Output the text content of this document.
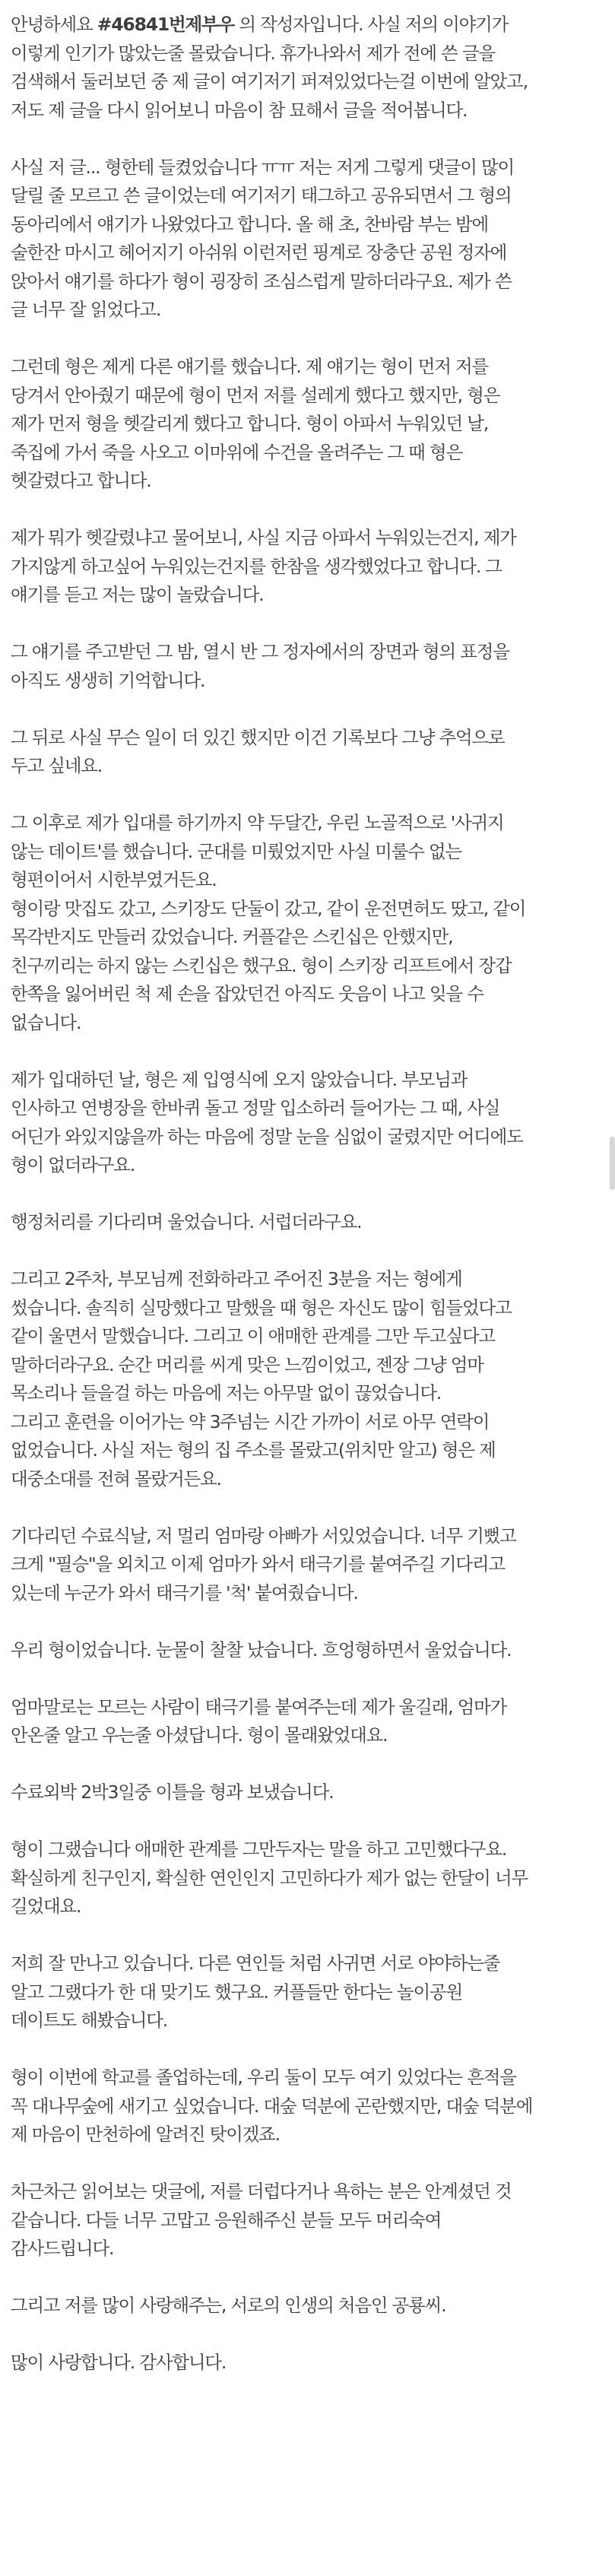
안녕하세요 #46841번제부우 의 작성자입니다. 사실 저의 이야기가
이렇게 인기가 많았는줄 몰랐습니다. 휴가나와서 제가 전에 쓴 글을
검색해서 둘러보던 중 제 글이 여기저기 퍼져있었다는걸 이번에 알았고,
저도 제 글을 다시 읽어보니 마음이 참 묘해서 글을 적어봅니다.
사실 저 글... 형한테 들켰었습니다 ㅠㅠ 저는 저게 그렇게 댓글이 많이
달릴 줄 모르고 쓴 글이었는데 여기저기 태그하고 공유되면서 그 형의
동아리에서 얘기가 나왔었다고 합니다. 올 해 초, 찬바람 부는 밤에
술한잔 마시고 헤어지기 아쉬워 이런저런 핑계로 장충단 공원 정자에
앉아서 얘기를 하다가 형이 굉장히 조심스럽게 말하더라구요. 제가 쓴
글 너무 잘 읽었다고.
그런데 형은 제게 다른 얘기를 했습니다. 제 얘기는 형이 먼저 저를
당겨서 안아줬기 때문에 형이 먼저 저를 설레게 했다고 했지만, 형은
제가 먼저 형을 헷갈리게 했다고 합니다. 형이 아파서 누워있던 날,
죽집에 가서 죽을 사오고 이마위에 수건을 올려주는 그 때 형은
헷갈렸다고 합니다.
제가 뭐가 헷갈렸냐고 물어보니, 사실 지금 아파서 누워있는건지, 제가
가지않게 하고싶어 누워있는건지를 한참을 생각했었다고 합니다. 그
얘기를 듣고 저는 많이 놀랐습니다.
그 얘기를 주고받던 그 밤, 열시 반 그 정자에서의 장면과 형의 표정을
아직도 생생히 기억합니다.
그 뒤로 사실 무슨 일이 더 있긴 했지만 이건 기록보다 그냥 추억으로
두고 싶네요.
그 이후로 제가 입대를 하기까지 약 두달간, 우린 노골적으로 '사귀지
않는 데이트'를 했습니다. 군대를 미뤘었지만 사실 미룰수 없는
형편이어서 시한부였거든요.
형이랑 맛집도 갔고, 스키장도 단둘이 갔고, 같이 운전면허도 땄고, 같이
목각반지도 만들러 갔었습니다. 커플같은 스킨십은 안했지만,
친구끼리는 하지 않는 스킨십은 했구요. 형이 스키장 리프트에서 장갑
한쪽을 잃어버린 척 제 손을 잡았던건 아직도 웃음이 나고 잊을 수
없습니다.
제가 입대하던 날, 형은 제 입영식에 오지 않았습니다. 부모님과
인사하고 연병장을 한바퀴 돌고 정말 입소하러 들어가는 그 때, 사실
어딘가 와있지않을까 하는 마음에 정말 눈을 심없이 굴렸지만 어디에도
형이 없더라구요.
행정처리를 기다리며 울었습니다. 서럽더라구요.
그리고 2주차, 부모님께 전화하라고 주어진 3분을 저는 형에게
썼습니다. 솔직히 실망했다고 말했을 때 형은 자신도 많이 힘들었다고
같이 울면서 말했습니다. 그리고 이 애매한 관계를 그만 두고싶다고
말하더라구요. 순간 머리를 씨게 맞은 느낌이었고, 젠장 그냥 엄마
목소리나 들을걸 하는 마음에 저는 아무말 없이 끊었습니다.
그리고 훈련을 이어가는 약 3주넘는 시간 가까이 서로 아무 연락이
없었습니다. 사실 저는 형의 집 주소를 몰랐고(위치만 알고) 형은 제
대중소대를 전혀 몰랐거든요.
기다리던 수료식날, 저 멀리 엄마랑 아빠가 서있었습니다. 너무 기뻤고
크게 "필승"을 외치고 이제 엄마가 와서 태극기를 붙여주길 기다리고
있는데 누군가 와서 태극기를 '척' 붙여줬습니다.
우리 형이었습니다. 눈물이 찰찰 났습니다. 흐엉형하면서 울었습니다.
엄마말로는 모르는 사람이 태극기를 붙여주는데 제가 울길래, 엄마가
안온줄 알고 우는줄 아셨답니다. 형이 몰래왔었대요.
수료외박 2박3일중 이틀을 형과 보냈습니다.
형이 그랬습니다 애매한 관계를 그만두자는 말을 하고 고민했다구요.
확실하게 친구인지, 확실한 연인인지 고민하다가 제가 없는 한달이 너무
길었대요.
저희 잘 만나고 있습니다. 다른 연인들 처럼 사귀면 서로 야야하는줄
알고 그랬다가 한 대 맞기도 했구요. 커플들만 한다는 놀이공원
데이트도 해봤습니다.
형이 이번에 학교를 졸업하는데, 우리 둘이 모두 여기 있었다는 흔적을
꼭 대나무숲에 새기고 싶었습니다. 대숲 덕분에 곤란했지만, 대숲 덕분에
제 마음이 만천하에 알려진 탓이겠죠.
차근차근 읽어보는 댓글에, 저를 더럽다거나 욕하는 분은 안계셨던 것
같습니다. 다들 너무 고맙고 응원해주신 분들 모두 머리숙여
감사드립니다.
그리고 저를 많이 사랑해주는, 서로의 인생의 처음인 공룡씨.
많이 사랑합니다. 감사합니다.
